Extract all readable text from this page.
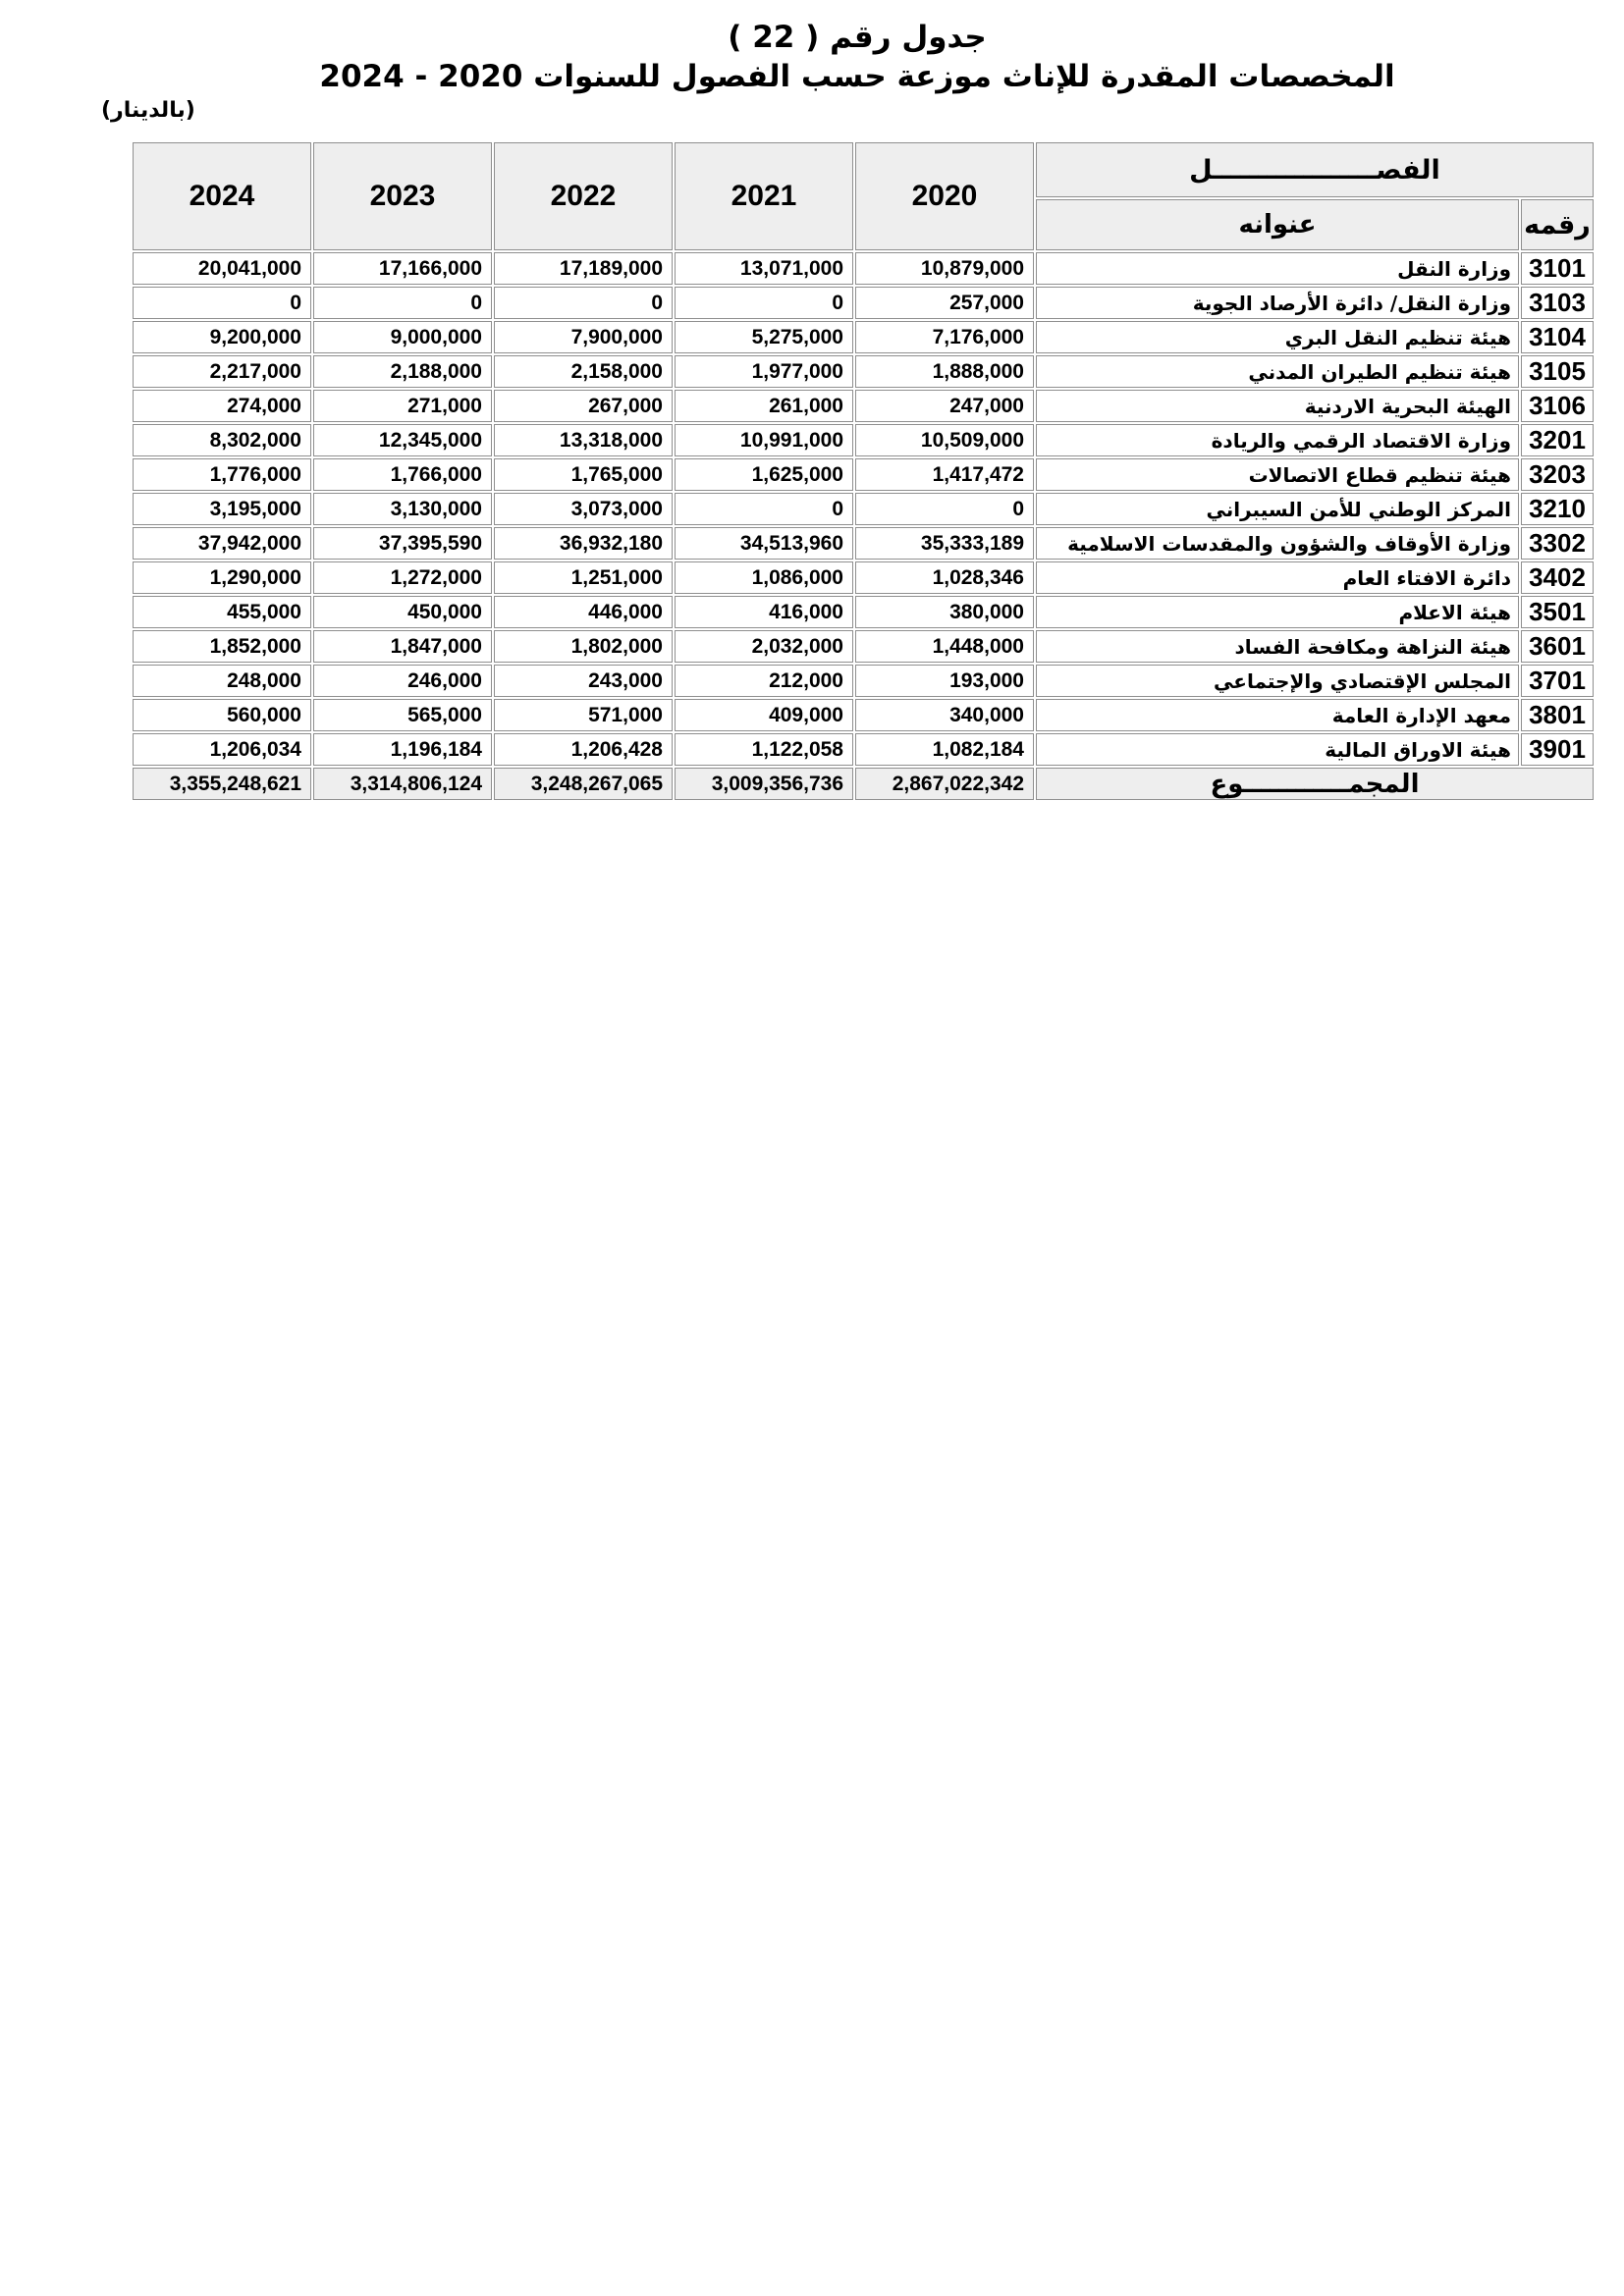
جدول رقم ( 22 )
المخصصات المقدرة للإناث موزعة حسب الفصول للسنوات 2020 - 2024
(بالدينار)
2024	2023	2022	2021	2020	الفصــــــــــــــــــل	
					عنوانه	رقمه
20,041,000	17,166,000	17,189,000	13,071,000	10,879,000	وزارة النقل	3101
0	0	0	0	257,000	وزارة النقل/ دائرة الأرصاد الجوية	3103
9,200,000	9,000,000	7,900,000	5,275,000	7,176,000	هيئة تنظيم النقل البري	3104
2,217,000	2,188,000	2,158,000	1,977,000	1,888,000	هيئة تنظيم الطيران المدني	3105
274,000	271,000	267,000	261,000	247,000	الهيئة البحرية الاردنية	3106
8,302,000	12,345,000	13,318,000	10,991,000	10,509,000	وزارة الاقتصاد الرقمي والريادة	3201
1,776,000	1,766,000	1,765,000	1,625,000	1,417,472	هيئة تنظيم قطاع الاتصالات	3203
3,195,000	3,130,000	3,073,000	0	0	المركز الوطني للأمن السيبراني	3210
37,942,000	37,395,590	36,932,180	34,513,960	35,333,189	وزارة الأوقاف والشؤون والمقدسات الاسلامية	3302
1,290,000	1,272,000	1,251,000	1,086,000	1,028,346	دائرة الافتاء العام	3402
455,000	450,000	446,000	416,000	380,000	هيئة الاعلام	3501
1,852,000	1,847,000	1,802,000	2,032,000	1,448,000	هيئة النزاهة ومكافحة الفساد	3601
248,000	246,000	243,000	212,000	193,000	المجلس الإقتصادي والإجتماعي	3701
560,000	565,000	571,000	409,000	340,000	معهد الإدارة العامة	3801
1,206,034	1,196,184	1,206,428	1,122,058	1,082,184	هيئة الاوراق المالية	3901
3,355,248,621	3,314,806,124	3,248,267,065	3,009,356,736	2,867,022,342	المجمــــــــــــوع	
